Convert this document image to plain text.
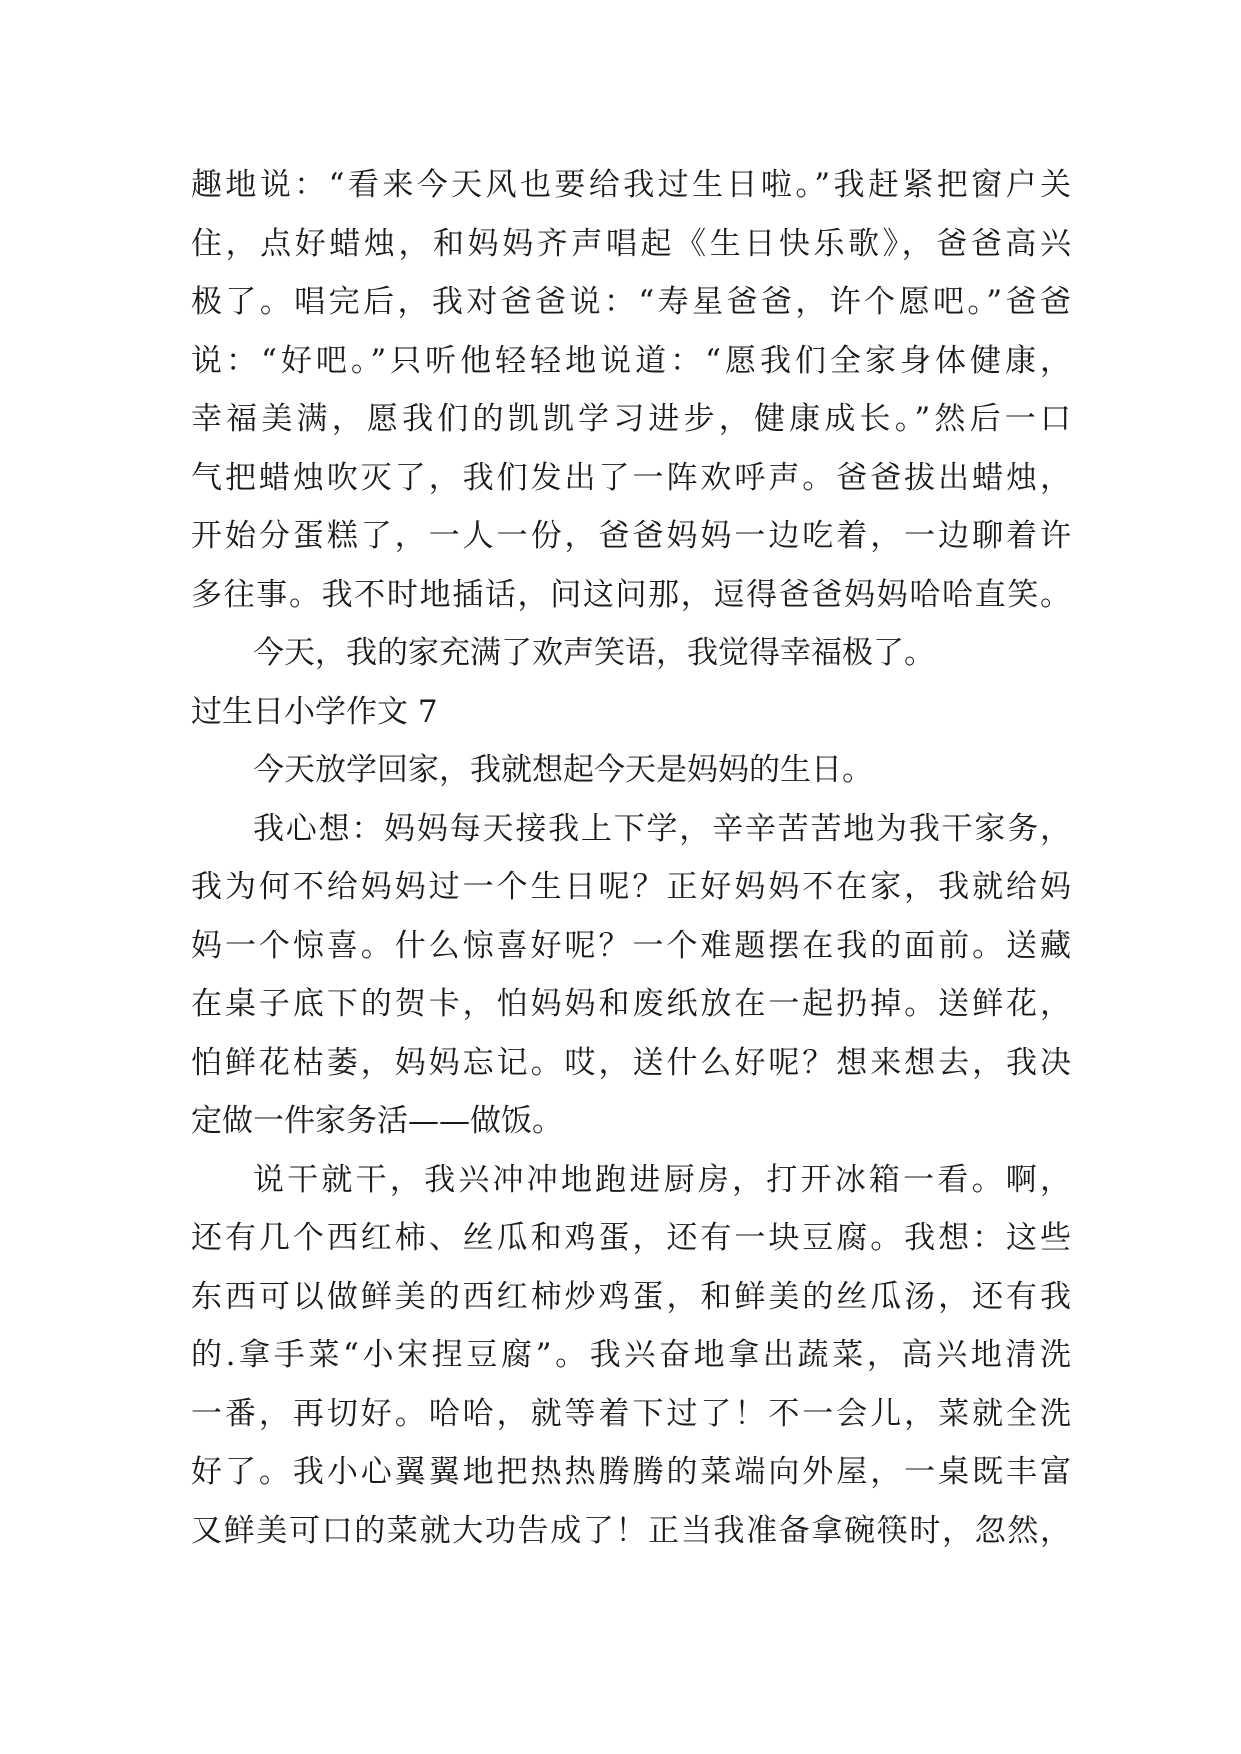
趣地说：“看来今天风也要给我过生日啦。”我赶紧把窗户关
住，点好蜡烛，和妈妈齐声唱起《生日快乐歌》，爸爸高兴
极了。唱完后，我对爸爸说：“寿星爸爸，许个愿吧。”爸爸
说：“好吧。”只听他轻轻地说道：“愿我们全家身体健康，
幸福美满，愿我们的凯凯学习进步，健康成长。”然后一口
气把蜡烛吹灭了，我们发出了一阵欢呼声。爸爸拔出蜡烛，
开始分蛋糕了，一人一份，爸爸妈妈一边吃着，一边聊着许
多往事。我不时地插话，问这问那，逗得爸爸妈妈哈哈直笑。
今天，我的家充满了欢声笑语，我觉得幸福极了。
过生日小学作文 7
今天放学回家，我就想起今天是妈妈的生日。
我心想：妈妈每天接我上下学，辛辛苦苦地为我干家务，
我为何不给妈妈过一个生日呢？正好妈妈不在家，我就给妈
妈一个惊喜。什么惊喜好呢？一个难题摆在我的面前。送藏
在桌子底下的贺卡，怕妈妈和废纸放在一起扔掉。送鲜花，
怕鲜花枯萎，妈妈忘记。哎，送什么好呢？想来想去，我决
定做一件家务活——做饭。
说干就干，我兴冲冲地跑进厨房，打开冰箱一看。啊，
还有几个西红柿、丝瓜和鸡蛋，还有一块豆腐。我想：这些
东西可以做鲜美的西红柿炒鸡蛋，和鲜美的丝瓜汤，还有我
的.拿手菜“小宋捏豆腐”。我兴奋地拿出蔬菜，高兴地清洗
一番，再切好。哈哈，就等着下过了！不一会儿，菜就全洗
好了。我小心翼翼地把热热腾腾的菜端向外屋，一桌既丰富
又鲜美可口的菜就大功告成了！正当我准备拿碗筷时，忽然，
